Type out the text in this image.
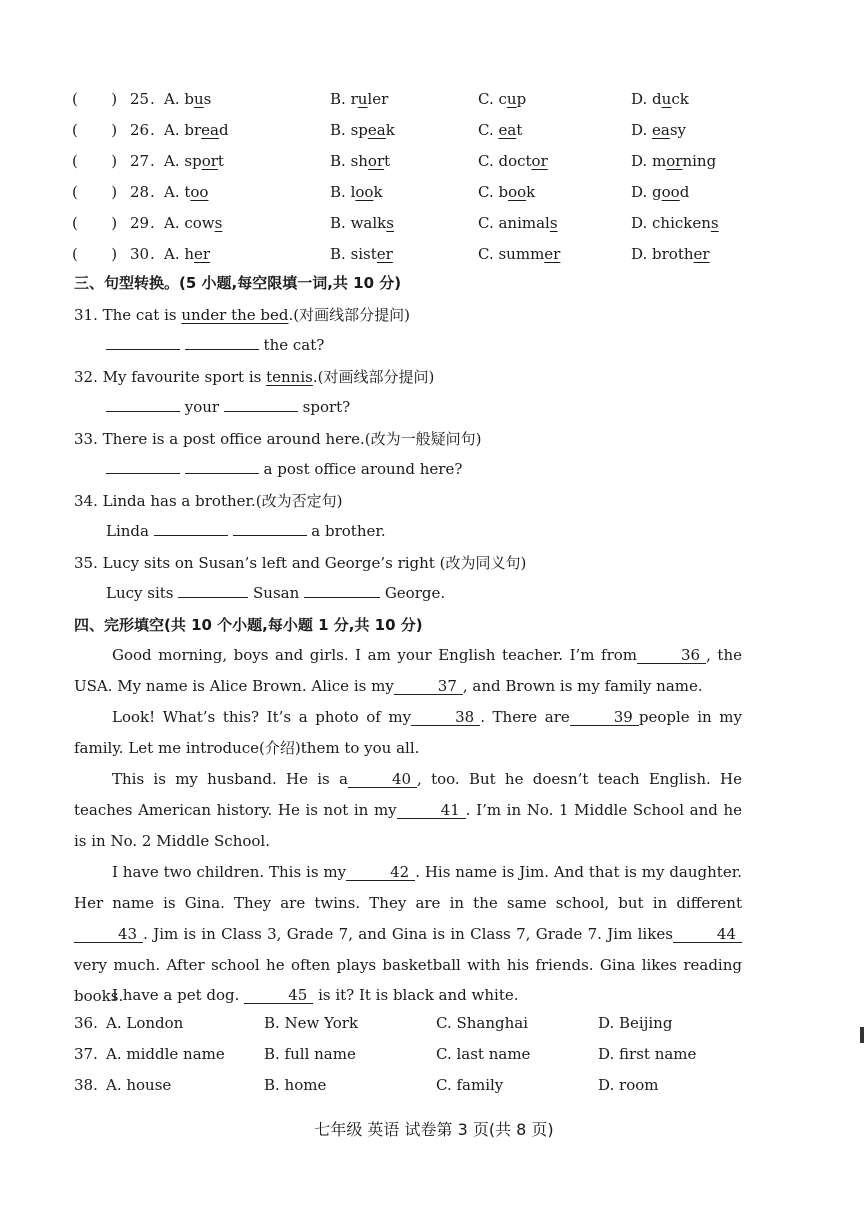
(       ) 25 . A. bus	B. ruler	C. cup	D. duck
(       ) 26 . A. bread	B. speak	C. eat	D. easy
(       ) 27 . A. sport	B. short	C. doctor	D. morning
(       ) 28 . A. too	B. look	C. book	D. good
(       ) 29 . A. cows	B. walks	C. animals	D. chickens
(       ) 30 . A. her	B. sister	C. summer	D. brother
三、句型转换。(5 小题,每空限填一词,共 10 分)
31. The cat is under the bed.(对画线部分提问)
the cat?
32. My favourite sport is tennis.(对画线部分提问)
your	sport?
33. There is a post office around here.(改为一般疑问句)
a post office around here?
34. Linda has a brother.(改为否定句)
Linda	a brother.
35. Lucy sits on Susan’s left and George’s right (改为同义句)
Lucy sits	Susan	George.
四、完形填空(共 10 个小题,每小题 1 分,共 10 分)
Good morning, boys and girls. I am your English teacher. I’m from	36 , the USA. My name is Alice Brown. Alice is my	37 , and Brown is my family name.
Look! What’s this? It’s a photo of my	38 . There are	39 people in my family. Let me introduce(介绍)them to you all.
This is my husband. He is a	40 , too. But he doesn’t teach English. He teaches American history. He is not in my	41 . I’m in No. 1 Middle School and he is in No. 2 Middle School.
I have two children. This is my	42 . His name is Jim. And that is my daughter. Her name is Gina. They are twins. They are in the same school, but in different43 . Jim is in Class 3, Grade 7, and Gina is in Class 7, Grade 7. Jim likes	44very much. After school he often plays basketball with his friends. Gina likes reading books.
I have a pet dog.	45 is it? It is black and white.
36. A. London	B. New York	C. Shanghai	D. Beijing
37. A. middle name	B. full name	C. last name	D. first name
38. A. house	B. home	C. family	D. room
七年级 英语 试卷第 3 页(共 8 页)
